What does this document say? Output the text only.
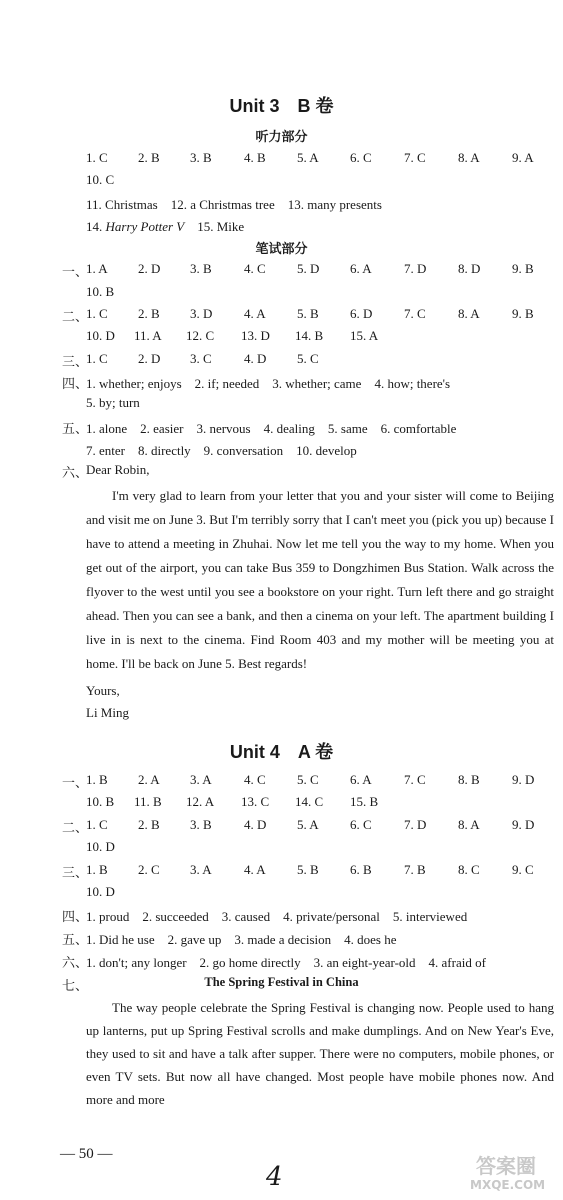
Unit 3　B 卷
听力部分
1. C 2. B 3. B 4. B 5. A 6. C 7. C 8. A 9. A
10. C
11. Christmas　12. a Christmas tree　13. many presents
14. Harry Potter V　15. Mike
笔试部分
一、
1. A 2. D 3. B 4. C 5. D 6. A 7. D 8. D 9. B
10. B
二、
1. C 2. B 3. D 4. A 5. B 6. D 7. C 8. A 9. B
10. D 11. A 12. C 13. D 14. B 15. A
三、
1. C 2. D 3. C 4. D 5. C
四、
1. whether; enjoys　2. if; needed　3. whether; came　4. how; there's
5. by; turn
五、
1. alone　2. easier　3. nervous　4. dealing　5. same　6. comfortable
7. enter　8. directly　9. conversation　10. develop
六、
Dear Robin,
I'm very glad to learn from your letter that you and your sister will come to Beijing and visit me on June 3. But I'm terribly sorry that I can't meet you (pick you up) because I have to attend a meeting in Zhuhai. Now let me tell you the way to my home. When you get out of the airport, you can take Bus 359 to Dongzhimen Bus Station. Walk across the flyover to the west until you see a bookstore on your right. Turn left there and go straight ahead. Then you can see a bank, and then a cinema on your left. The apartment building I live in is next to the cinema. Find Room 403 and my mother will be meeting you at home. I'll be back on June 5. Best regards!
Yours,
Li Ming
Unit 4　A 卷
一、
1. B 2. A 3. A 4. C 5. C 6. A 7. C 8. B 9. D
10. B 11. B 12. A 13. C 14. C 15. B
二、
1. C 2. B 3. B 4. D 5. A 6. C 7. D 8. A 9. D
10. D
三、
1. B 2. C 3. A 4. A 5. B 6. B 7. B 8. C 9. C
10. D
四、
1. proud　2. succeeded　3. caused　4. private/personal　5. interviewed
五、
1. Did he use　2. gave up　3. made a decision　4. does he
六、
1. don't; any longer　2. go home directly　3. an eight-year-old　4. afraid of
七、	The Spring Festival in China
The way people celebrate the Spring Festival is changing now. People used to hang up lanterns, put up Spring Festival scrolls and make dumplings. And on New Year's Eve, they used to sit and have a talk after supper. There were no computers, mobile phones, or even TV sets. But now all have changed. Most people have mobile phones now. And more and more
— 50 —
4	答案圈
MXQE.COM
